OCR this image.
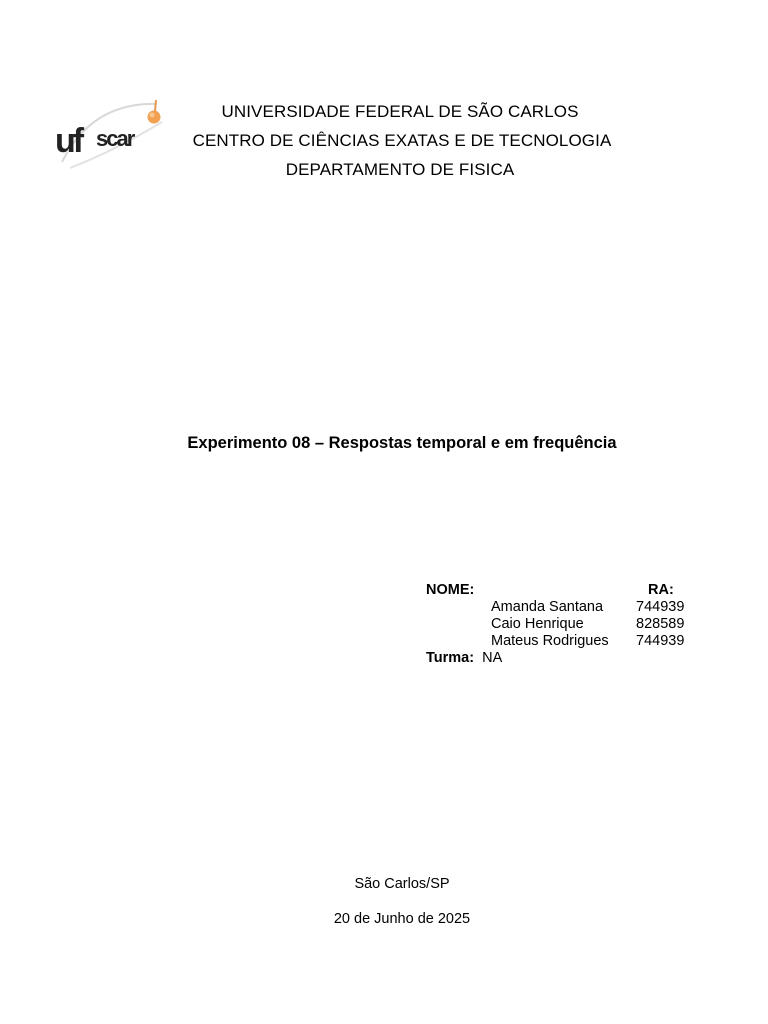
uf scar
UNIVERSIDADE FEDERAL DE SÃO CARLOS
CENTRO DE CIÊNCIAS EXATAS E DE TECNOLOGIA
DEPARTAMENTO DE FISICA
Experimento 08 – Respostas temporal e em frequência
NOME:	RA:
Amanda Santana 744939
Caio Henrique	828589
Mateus Rodrigues 744939
Turma: NA
São Carlos/SP
20 de Junho de 2025
